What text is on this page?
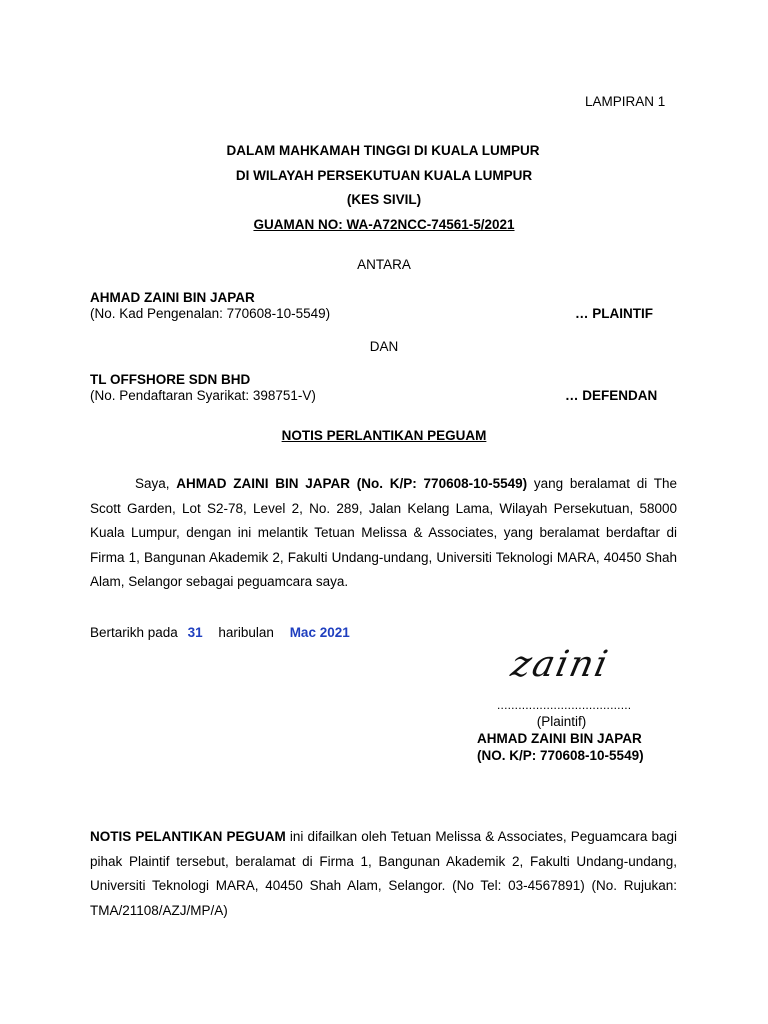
LAMPIRAN 1
DALAM MAHKAMAH TINGGI DI KUALA LUMPUR
DI WILAYAH PERSEKUTUAN KUALA LUMPUR
(KES SIVIL)
GUAMAN NO: WA-A72NCC-74561-5/2021
ANTARA
AHMAD ZAINI BIN JAPAR
(No. Kad Pengenalan: 770608-10-5549)	… PLAINTIF
DAN
TL OFFSHORE SDN BHD
(No. Pendaftaran Syarikat: 398751-V)	… DEFENDAN
NOTIS PERLANTIKAN PEGUAM
Saya, AHMAD ZAINI BIN JAPAR (No. K/P: 770608-10-5549) yang beralamat di The Scott Garden, Lot S2-78, Level 2, No. 289, Jalan Kelang Lama, Wilayah Persekutuan, 58000 Kuala Lumpur, dengan ini melantik Tetuan Melissa & Associates, yang beralamat berdaftar di Firma 1, Bangunan Akademik 2, Fakulti Undang-undang, Universiti Teknologi MARA, 40450 Shah Alam, Selangor sebagai peguamcara saya.
Bertarikh pada 31 haribulan Mac 2021
zaini
......................................
(Plaintif)
AHMAD ZAINI BIN JAPAR
(NO. K/P: 770608-10-5549)
NOTIS PELANTIKAN PEGUAM ini difailkan oleh Tetuan Melissa & Associates, Peguamcara bagi pihak Plaintif tersebut, beralamat di Firma 1, Bangunan Akademik 2, Fakulti Undang-undang, Universiti Teknologi MARA, 40450 Shah Alam, Selangor. (No Tel: 03-4567891) (No. Rujukan: TMA/21108/AZJ/MP/A)
